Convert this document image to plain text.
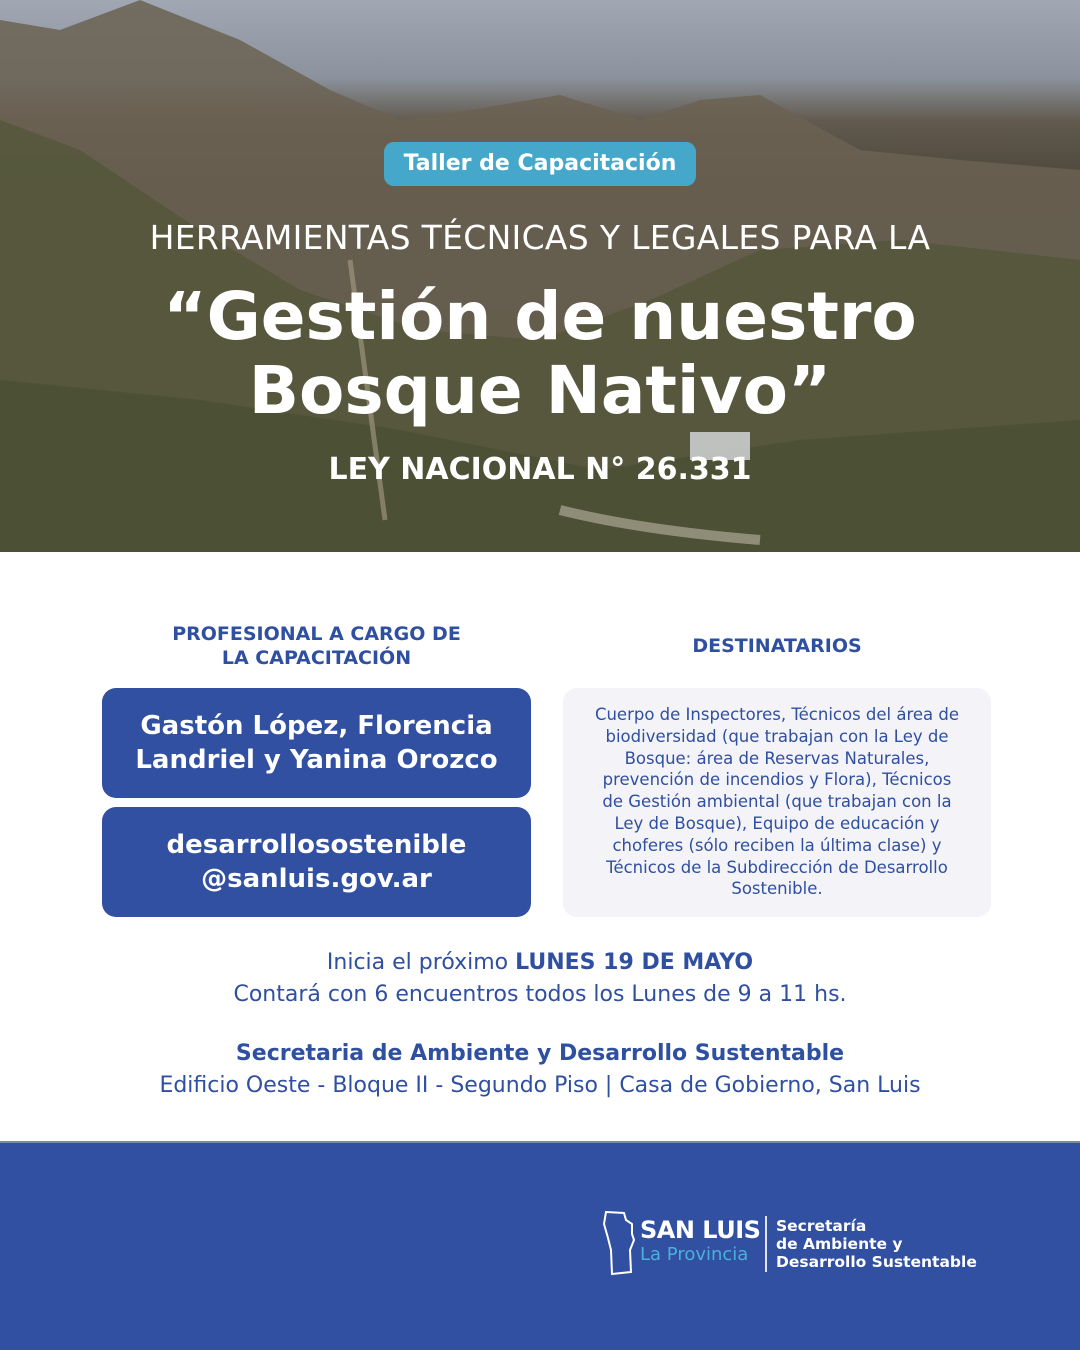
Taller de Capacitación
HERRAMIENTAS TÉCNICAS Y LEGALES PARA LA
“Gestión de nuestro
Bosque Nativo”
LEY NACIONAL N° 26.331
PROFESIONAL A CARGO DE
LA CAPACITACIÓN
DESTINATARIOS
Gastón López, Florencia
Landriel y Yanina Orozco
desarrollosostenible
@sanluis.gov.ar
Cuerpo de Inspectores, Técnicos del área de biodiversidad (que trabajan con la Ley de Bosque: área de Reservas Naturales, prevención de incendios y Flora), Técnicos de Gestión ambiental (que trabajan con la Ley de Bosque), Equipo de educación y choferes (sólo reciben la última clase) y Técnicos de la Subdirección de Desarrollo Sostenible.
Inicia el próximo LUNES 19 DE MAYO
Contará con 6 encuentros todos los Lunes de 9 a 11 hs.
Secretaria de Ambiente y Desarrollo Sustentable
Edificio Oeste - Bloque II - Segundo Piso | Casa de Gobierno, San Luis
SAN LUIS
La Provincia
Secretaría
de Ambiente y
Desarrollo Sustentable
